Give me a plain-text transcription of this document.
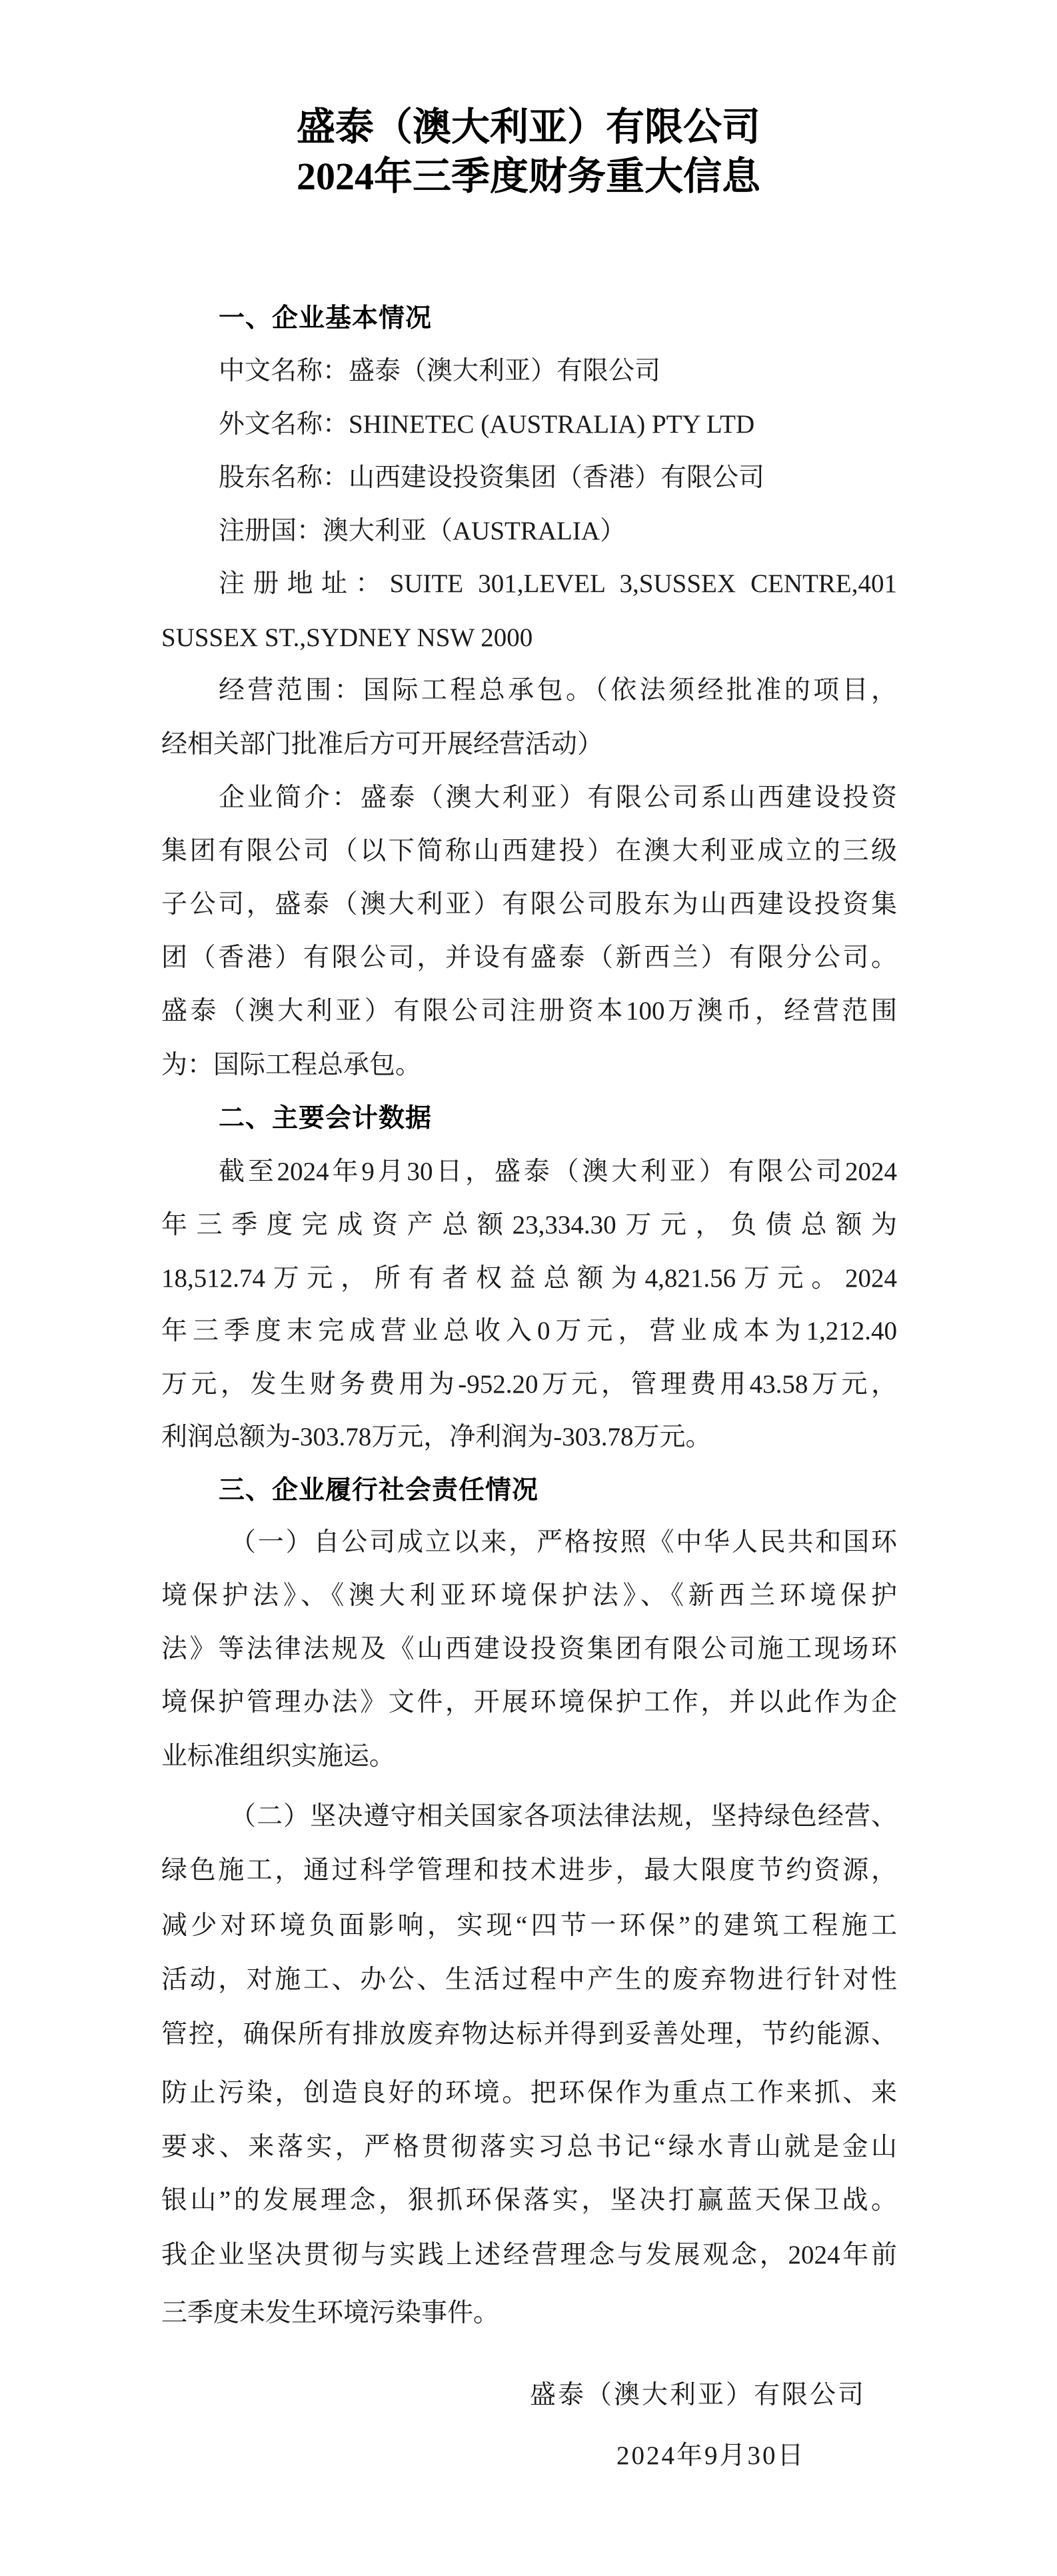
盛泰（澳大利亚）有限公司
2024年三季度财务重大信息
一、企业基本情况
中文名称：盛泰（澳大利亚）有限公司
外文名称：SHINETEC (AUSTRALIA) PTY LTD
股东名称：山西建设投资集团（香港）有限公司
注册国：澳大利亚（AUSTRALIA）
注册地址：SUITE 301,LEVEL 3,SUSSEX CENTRE,401
SUSSEX ST.,SYDNEY NSW 2000
经营范围：国际工程总承包。（依法须经批准的项目，
经相关部门批准后方可开展经营活动）
企业简介：盛泰（澳大利亚）有限公司系山西建设投资
集团有限公司（以下简称山西建投）在澳大利亚成立的三级
子公司，盛泰（澳大利亚）有限公司股东为山西建设投资集
团（香港）有限公司，并设有盛泰（新西兰）有限分公司。
盛泰（澳大利亚）有限公司注册资本100万澳币，经营范围
为：国际工程总承包。
二、主要会计数据
截至2024年9月30日，盛泰（澳大利亚）有限公司2024
年三季度完成资产总额23,334.30万元，负债总额为
18,512.74万元，所有者权益总额为4,821.56万元。2024
年三季度末完成营业总收入0万元，营业成本为1,212.40
万元，发生财务费用为-952.20万元，管理费用43.58万元，
利润总额为-303.78万元，净利润为-303.78万元。
三、企业履行社会责任情况
（一）自公司成立以来，严格按照《中华人民共和国环
境保护法》、《澳大利亚环境保护法》、《新西兰环境保护
法》等法律法规及《山西建设投资集团有限公司施工现场环
境保护管理办法》文件，开展环境保护工作，并以此作为企
业标准组织实施运。
（二）坚决遵守相关国家各项法律法规，坚持绿色经营、
绿色施工，通过科学管理和技术进步，最大限度节约资源，
减少对环境负面影响，实现“四节一环保”的建筑工程施工
活动，对施工、办公、生活过程中产生的废弃物进行针对性
管控，确保所有排放废弃物达标并得到妥善处理，节约能源、
防止污染，创造良好的环境。把环保作为重点工作来抓、来
要求、来落实，严格贯彻落实习总书记“绿水青山就是金山
银山”的发展理念，狠抓环保落实，坚决打赢蓝天保卫战。
我企业坚决贯彻与实践上述经营理念与发展观念，2024年前
三季度未发生环境污染事件。
盛泰（澳大利亚）有限公司
2024年9月30日
